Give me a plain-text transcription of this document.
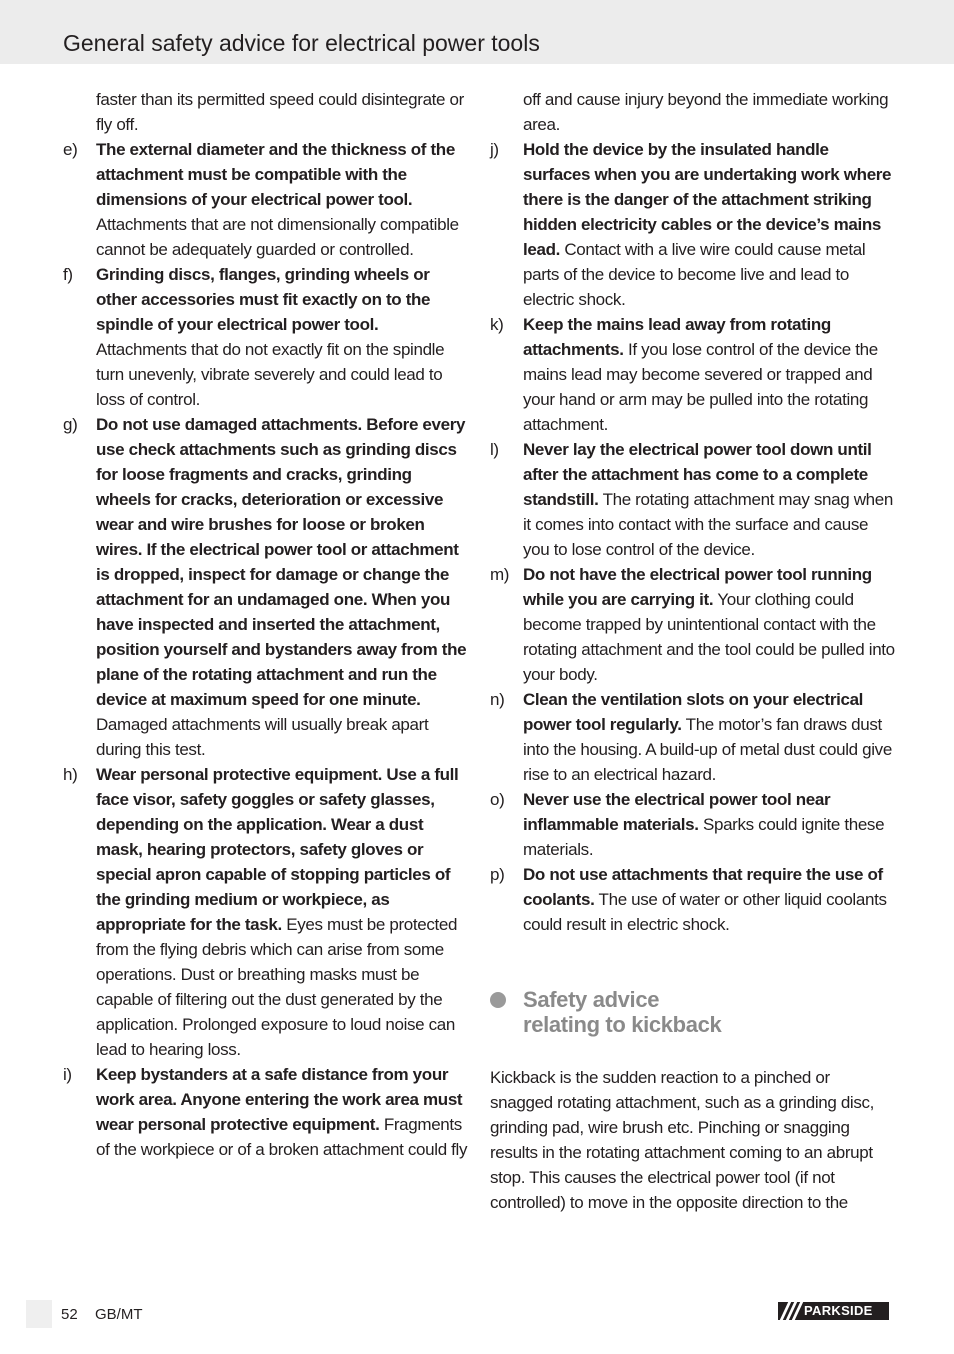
General safety advice for electrical power tools
faster than its permitted speed could disintegrate or fly off.
e)	The external diameter and the thickness of the attachment must be compatible with the dimensions of your electrical power tool. Attachments that are not dimensionally compatible cannot be adequately guarded or controlled.
f)	Grinding discs, flanges, grinding wheels or other accessories must fit exactly on to the spindle of your electrical power tool. Attachments that do not exactly fit on the spindle turn unevenly, vibrate severely and could lead to loss of control.
g)	Do not use damaged attachments. Before every use check attachments such as grinding discs for loose fragments and cracks, grinding wheels for cracks, deterioration or excessive wear and wire brushes for loose or broken wires. If the electrical power tool or attachment is dropped, inspect for damage or change the attachment for an undamaged one. When you have inspected and inserted the attachment, position yourself and bystanders away from the plane of the rotating attachment and run the device at maximum speed for one minute. Damaged attachments will usually break apart during this test.
h)	Wear personal protective equipment. Use a full face visor, safety goggles or safety glasses, depending on the application. Wear a dust mask, hearing protectors, safety gloves or special apron capable of stopping particles of the grinding medium or workpiece, as appropriate for the task. Eyes must be protected from the flying debris which can arise from some operations. Dust or breathing masks must be capable of filtering out the dust generated by the application. Prolonged exposure to loud noise can lead to hearing loss.
i)	Keep bystanders at a safe distance from your work area. Anyone entering the work area must wear personal protective equipment. Fragments of the workpiece or of a broken attachment could fly
off and cause injury beyond the immediate working area.
j)	Hold the device by the insulated handle surfaces when you are undertaking work where there is the danger of the attachment striking hidden electricity cables or the device’s mains lead. Contact with a live wire could cause metal parts of the device to become live and lead to electric shock.
k)	Keep the mains lead away from rotating attachments. If you lose control of the device the mains lead may become severed or trapped and your hand or arm may be pulled into the rotating attachment.
l)	Never lay the electrical power tool down until after the attachment has come to a complete standstill. The rotating attachment may snag when it comes into contact with the surface and cause you to lose control of the device.
m) Do not have the electrical power tool running while you are carrying it. Your clothing could become trapped by unintentional contact with the rotating attachment and the tool could be pulled into your body.
n)	Clean the ventilation slots on your electrical power tool regularly. The motor’s fan draws dust into the housing. A build-up of metal dust could give rise to an electrical hazard.
o)	Never use the electrical power tool near inflammable materials. Sparks could ignite these materials.
p)	Do not use attachments that require the use of coolants. The use of water or other liquid coolants could result in electric shock.
Safety advice
relating to kickback
Kickback is the sudden reaction to a pinched or snagged rotating attachment, such as a grinding disc, grinding pad, wire brush etc. Pinching or snagging results in the rotating attachment coming to an abrupt stop. This causes the electrical power tool (if not controlled) to move in the opposite direction to the
52 GB/MT	PARKSIDE
